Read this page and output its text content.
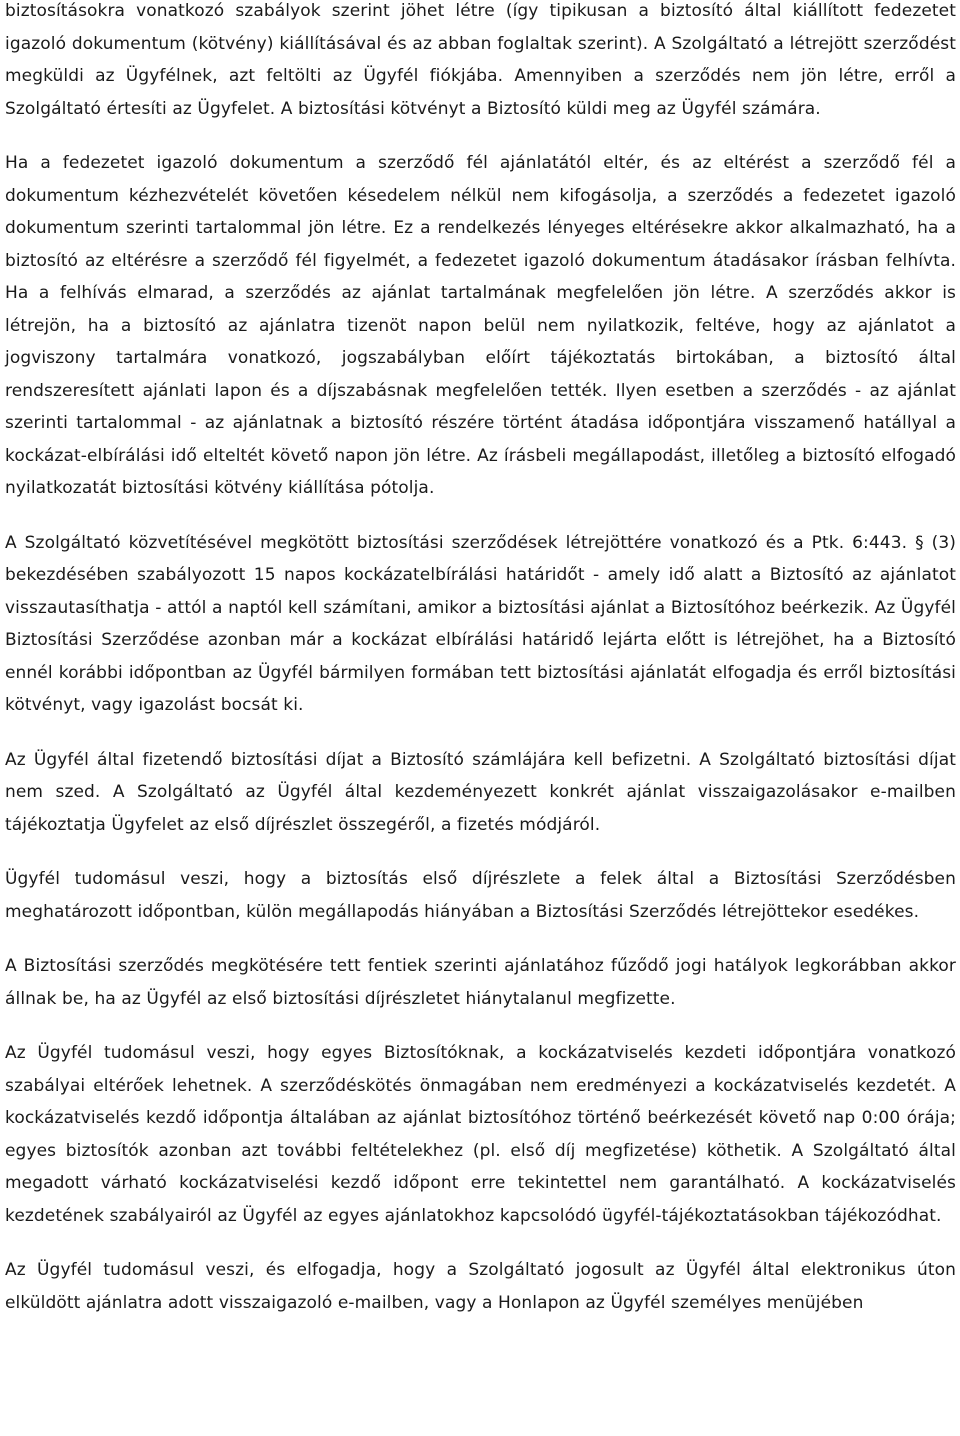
biztosításokra vonatkozó szabályok szerint jöhet létre (így tipikusan a biztosító által kiállított fedezetet igazoló dokumentum (kötvény) kiállításával és az abban foglaltak szerint). A Szolgáltató a létrejött szerződést megküldi az Ügyfélnek, azt feltölti az Ügyfél fiókjába. Amennyiben a szerződés nem jön létre, erről a Szolgáltató értesíti az Ügyfelet. A biztosítási kötvényt a Biztosító küldi meg az Ügyfél számára.

Ha a fedezetet igazoló dokumentum a szerződő fél ajánlatától eltér, és az eltérést a szerződő fél a dokumentum kézhezvételét követően késedelem nélkül nem kifogásolja, a szerződés a fedezetet igazoló dokumentum szerinti tartalommal jön létre. Ez a rendelkezés lényeges eltérésekre akkor alkalmazható, ha a biztosító az eltérésre a szerződő fél figyelmét, a fedezetet igazoló dokumentum átadásakor írásban felhívta. Ha a felhívás elmarad, a szerződés az ajánlat tartalmának megfelelően jön létre. A szerződés akkor is létrejön, ha a biztosító az ajánlatra tizenöt napon belül nem nyilatkozik, feltéve, hogy az ajánlatot a jogviszony tartalmára vonatkozó, jogszabályban előírt tájékoztatás birtokában, a biztosító által rendszeresített ajánlati lapon és a díjszabásnak megfelelően tették. Ilyen esetben a szerződés - az ajánlat szerinti tartalommal - az ajánlatnak a biztosító részére történt átadása időpontjára visszamenő hatállyal a kockázat-elbírálási idő elteltét követő napon jön létre. Az írásbeli megállapodást, illetőleg a biztosító elfogadó nyilatkozatát biztosítási kötvény kiállítása pótolja.

A Szolgáltató közvetítésével megkötött biztosítási szerződések létrejöttére vonatkozó és a Ptk. 6:443. § (3) bekezdésében szabályozott 15 napos kockázatelbírálási határidőt - amely idő alatt a Biztosító az ajánlatot visszautasíthatja - attól a naptól kell számítani, amikor a biztosítási ajánlat a Biztosítóhoz beérkezik. Az Ügyfél Biztosítási Szerződése azonban már a kockázat elbírálási határidő lejárta előtt is létrejöhet, ha a Biztosító ennél korábbi időpontban az Ügyfél bármilyen formában tett biztosítási ajánlatát elfogadja és erről biztosítási kötvényt, vagy igazolást bocsát ki.

Az Ügyfél által fizetendő biztosítási díjat a Biztosító számlájára kell befizetni. A Szolgáltató biztosítási díjat nem szed. A Szolgáltató az Ügyfél által kezdeményezett konkrét ajánlat visszaigazolásakor e-mailben tájékoztatja Ügyfelet az első díjrészlet összegéről, a fizetés módjáról.

Ügyfél tudomásul veszi, hogy a biztosítás első díjrészlete a felek által a Biztosítási Szerződésben meghatározott időpontban, külön megállapodás hiányában a Biztosítási Szerződés létrejöttekor esedékes.

A Biztosítási szerződés megkötésére tett fentiek szerinti ajánlatához fűződő jogi hatályok legkorábban akkor állnak be, ha az Ügyfél az első biztosítási díjrészletet hiánytalanul megfizette.

Az Ügyfél tudomásul veszi, hogy egyes Biztosítóknak, a kockázatviselés kezdeti időpontjára vonatkozó szabályai eltérőek lehetnek. A szerződéskötés önmagában nem eredményezi a kockázatviselés kezdetét. A kockázatviselés kezdő időpontja általában az ajánlat biztosítóhoz történő beérkezését követő nap 0:00 órája; egyes biztosítók azonban azt további feltételekhez (pl. első díj megfizetése) köthetik. A Szolgáltató által megadott várható kockázatviselési kezdő időpont erre tekintettel nem garantálható. A kockázatviselés kezdetének szabályairól az Ügyfél az egyes ajánlatokhoz kapcsolódó ügyfél-tájékoztatásokban tájékozódhat.

Az Ügyfél tudomásul veszi, és elfogadja, hogy a Szolgáltató jogosult az Ügyfél által elektronikus úton elküldött ajánlatra adott visszaigazoló e-mailben, vagy a Honlapon az Ügyfél személyes menüjében
